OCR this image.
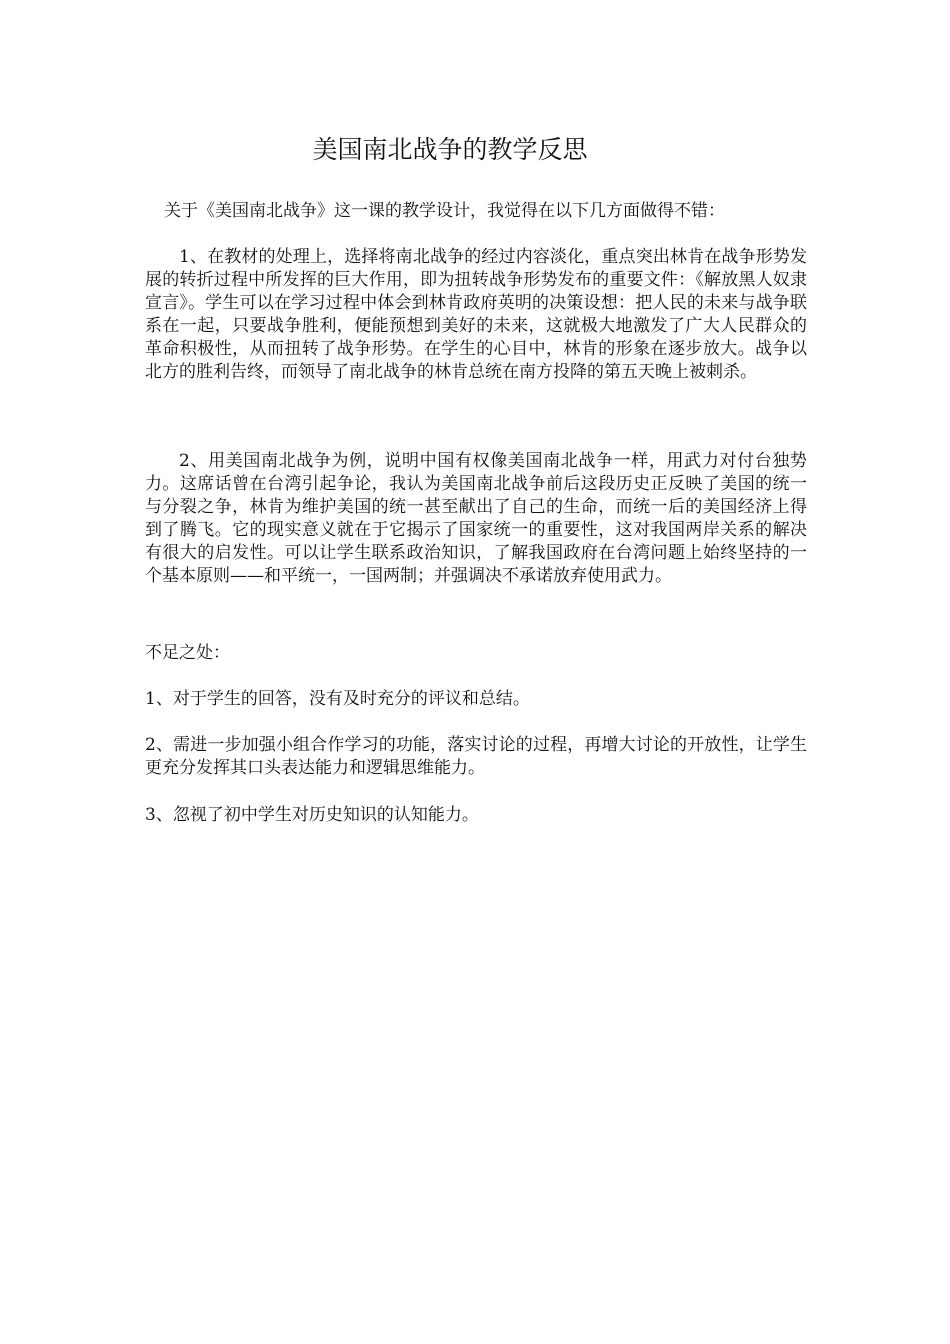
美国南北战争的教学反思

关于《美国南北战争》这一课的教学设计，我觉得在以下几方面做得不错：

1、在教材的处理上，选择将南北战争的经过内容淡化，重点突出林肯在战争形势发展的转折过程中所发挥的巨大作用，即为扭转战争形势发布的重要文件：《解放黑人奴隶宣言》。学生可以在学习过程中体会到林肯政府英明的决策设想：把人民的未来与战争联系在一起，只要战争胜利，便能预想到美好的未来，这就极大地激发了广大人民群众的革命积极性，从而扭转了战争形势。在学生的心目中，林肯的形象在逐步放大。战争以北方的胜利告终，而领导了南北战争的林肯总统在南方投降的第五天晚上被刺杀。

2、用美国南北战争为例，说明中国有权像美国南北战争一样，用武力对付台独势力。这席话曾在台湾引起争论，我认为美国南北战争前后这段历史正反映了美国的统一与分裂之争，林肯为维护美国的统一甚至献出了自己的生命，而统一后的美国经济上得到了腾飞。它的现实意义就在于它揭示了国家统一的重要性，这对我国两岸关系的解决有很大的启发性。可以让学生联系政治知识，了解我国政府在台湾问题上始终坚持的一个基本原则——和平统一，一国两制；并强调决不承诺放弃使用武力。

不足之处：

1、对于学生的回答，没有及时充分的评议和总结。

2、需进一步加强小组合作学习的功能，落实讨论的过程，再增大讨论的开放性，让学生更充分发挥其口头表达能力和逻辑思维能力。

3、忽视了初中学生对历史知识的认知能力。
